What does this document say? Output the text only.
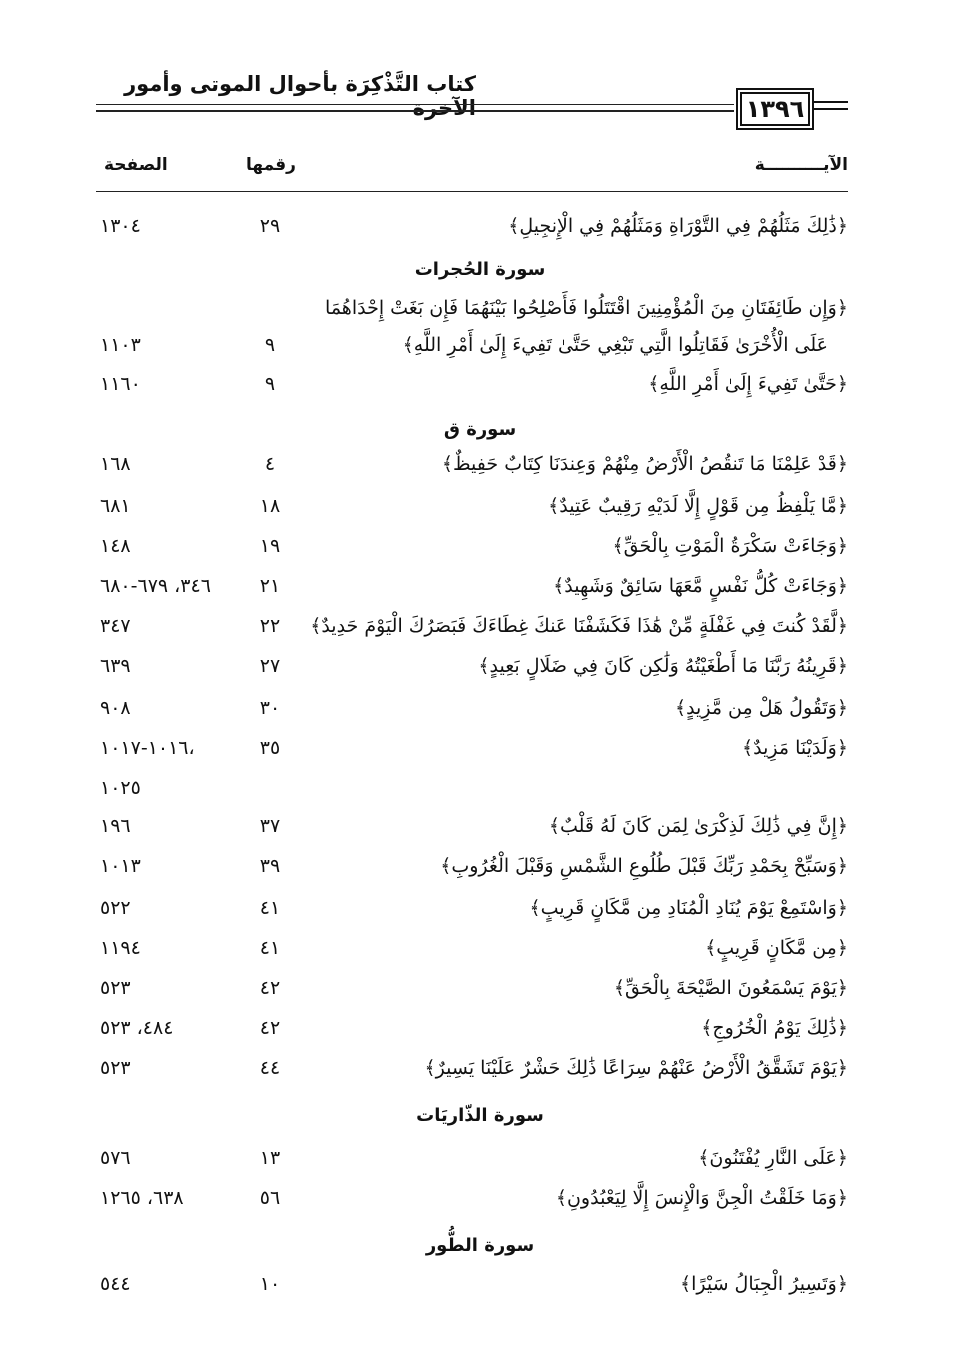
كتاب التَّذْكِرَة بأحوال الموتى وأمور الآخرة	١٣٩٦
الآيــــــــــة
رقمها
الصفحة
﴿ذَٰلِكَ مَثَلُهُمْ فِي التَّوْرَاةِ وَمَثَلُهُمْ فِي الْإِنجِيلِ﴾
٢٩
١٣٠٤
سورة الحُجرات
﴿وَإِن طَائِفَتَانِ مِنَ الْمُؤْمِنِينَ اقْتَتَلُوا فَأَصْلِحُوا بَيْنَهُمَا فَإِن بَغَتْ إِحْدَاهُمَا
عَلَى الْأُخْرَىٰ فَقَاتِلُوا الَّتِي تَبْغِي حَتَّىٰ تَفِيءَ إِلَىٰ أَمْرِ اللَّهِ﴾
٩
١١٠٣
﴿حَتَّىٰ تَفِيءَ إِلَىٰ أَمْرِ اللَّهِ﴾
٩
١١٦٠
سورة ق
﴿قَدْ عَلِمْنَا مَا تَنقُصُ الْأَرْضُ مِنْهُمْ وَعِندَنَا كِتَابٌ حَفِيظٌ﴾
٤
١٦٨
﴿مَّا يَلْفِظُ مِن قَوْلٍ إِلَّا لَدَيْهِ رَقِيبٌ عَتِيدٌ﴾
١٨
٦٨١
﴿وَجَاءَتْ سَكْرَةُ الْمَوْتِ بِالْحَقِّ﴾
١٩
١٤٨
﴿وَجَاءَتْ كُلُّ نَفْسٍ مَّعَهَا سَائِقٌ وَشَهِيدٌ﴾
٢١
٣٤٦، ٦٧٩-٦٨٠
﴿لَّقَدْ كُنتَ فِي غَفْلَةٍ مِّنْ هَٰذَا فَكَشَفْنَا عَنكَ غِطَاءَكَ فَبَصَرُكَ الْيَوْمَ حَدِيدٌ﴾
٢٢
٣٤٧
﴿قَرِينُهُ رَبَّنَا مَا أَطْغَيْتُهُ وَلَٰكِن كَانَ فِي ضَلَالٍ بَعِيدٍ﴾
٢٧
٦٣٩
﴿وَتَقُولُ هَلْ مِن مَّزِيدٍ﴾
٣٠
٩٠٨
﴿وَلَدَيْنَا مَزِيدٌ﴾
٣٥
١٠١٦-١٠١٧،
١٠٢٥
﴿إِنَّ فِي ذَٰلِكَ لَذِكْرَىٰ لِمَن كَانَ لَهُ قَلْبٌ﴾
٣٧
١٩٦
﴿وَسَبِّحْ بِحَمْدِ رَبِّكَ قَبْلَ طُلُوعِ الشَّمْسِ وَقَبْلَ الْغُرُوبِ﴾
٣٩
١٠١٣
﴿وَاسْتَمِعْ يَوْمَ يُنَادِ الْمُنَادِ مِن مَّكَانٍ قَرِيبٍ﴾
٤١
٥٢٢
﴿مِن مَّكَانٍ قَرِيبٍ﴾
٤١
١١٩٤
﴿يَوْمَ يَسْمَعُونَ الصَّيْحَةَ بِالْحَقِّ﴾
٤٢
٥٢٣
﴿ذَٰلِكَ يَوْمُ الْخُرُوجِ﴾
٤٢
٤٨٤، ٥٢٣
﴿يَوْمَ تَشَقَّقُ الْأَرْضُ عَنْهُمْ سِرَاعًا ذَٰلِكَ حَشْرٌ عَلَيْنَا يَسِيرٌ﴾
٤٤
٥٢٣
سورة الذّاريَات
﴿عَلَى النَّارِ يُفْتَنُونَ﴾
١٣
٥٧٦
﴿وَمَا خَلَقْتُ الْجِنَّ وَالْإِنسَ إِلَّا لِيَعْبُدُونِ﴾
٥٦
٦٣٨، ١٢٦٥
سورة الطُّور
﴿وَتَسِيرُ الْجِبَالُ سَيْرًا﴾
١٠
٥٤٤
